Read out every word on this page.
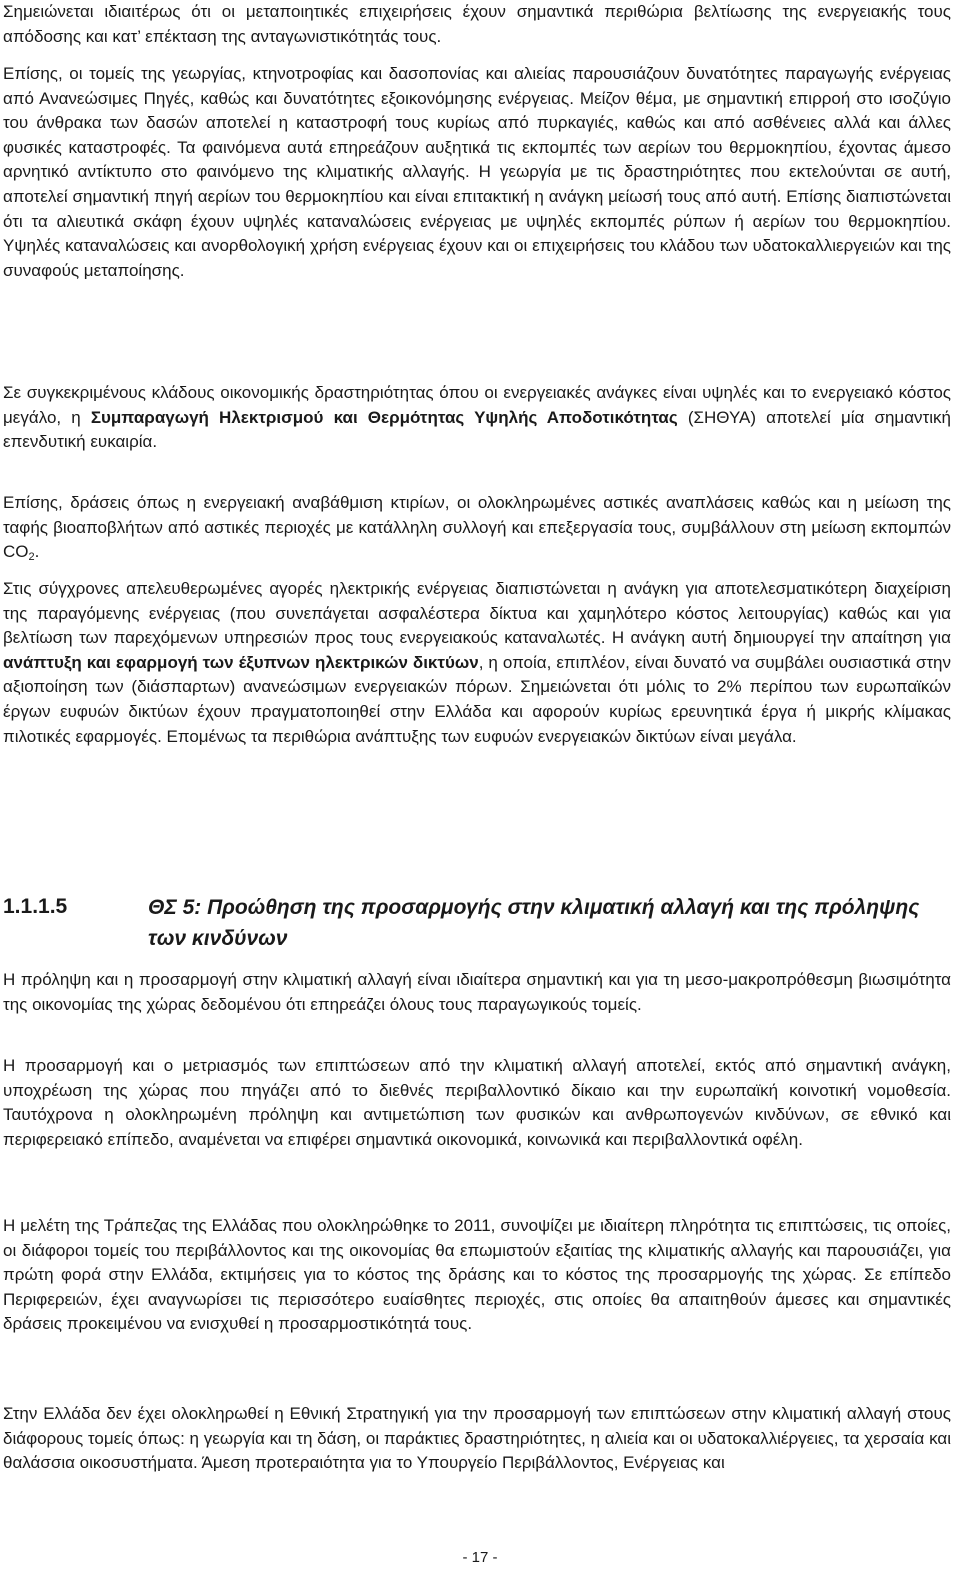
Σημειώνεται ιδιαιτέρως ότι οι μεταποιητικές επιχειρήσεις έχουν σημαντικά περιθώρια βελτίωσης της ενεργειακής τους απόδοσης και κατ’ επέκταση της ανταγωνιστικότητάς τους.

Επίσης, οι τομείς της γεωργίας, κτηνοτροφίας και δασοπονίας και αλιείας παρουσιάζουν δυνατότητες παραγωγής ενέργειας από Ανανεώσιμες Πηγές, καθώς και δυνατότητες εξοικονόμησης ενέργειας. Μείζον θέμα, με σημαντική επιρροή στο ισοζύγιο του άνθρακα των δασών αποτελεί η καταστροφή τους κυρίως από πυρκαγιές, καθώς και από ασθένειες αλλά και άλλες φυσικές καταστροφές. Τα φαινόμενα αυτά επηρεάζουν αυξητικά τις εκπομπές των αερίων του θερμοκηπίου, έχοντας άμεσο αρνητικό αντίκτυπο στο φαινόμενο της κλιματικής αλλαγής. Η γεωργία με τις δραστηριότητες που εκτελούνται σε αυτή, αποτελεί σημαντική πηγή αερίων του θερμοκηπίου και είναι επιτακτική η ανάγκη μείωσή τους από αυτή. Επίσης διαπιστώνεται ότι τα αλιευτικά σκάφη έχουν υψηλές καταναλώσεις ενέργειας με υψηλές εκπομπές ρύπων ή αερίων του θερμοκηπίου. Υψηλές καταναλώσεις και ανορθολογική χρήση ενέργειας έχουν και οι επιχειρήσεις του κλάδου των υδατοκαλλιεργειών και της συναφούς μεταποίησης.

Σε συγκεκριμένους κλάδους οικονομικής δραστηριότητας όπου οι ενεργειακές ανάγκες είναι υψηλές και το ενεργειακό κόστος μεγάλο, η Συμπαραγωγή Ηλεκτρισμού και Θερμότητας Υψηλής Αποδοτικότητας (ΣΗΘΥΑ) αποτελεί μία σημαντική επενδυτική ευκαιρία.

Επίσης, δράσεις όπως η ενεργειακή αναβάθμιση κτιρίων, οι ολοκληρωμένες αστικές αναπλάσεις καθώς και η μείωση της ταφής βιοαποβλήτων από αστικές περιοχές με κατάλληλη συλλογή και επεξεργασία τους, συμβάλλουν στη μείωση εκπομπών $CO_2$.

Στις σύγχρονες απελευθερωμένες αγορές ηλεκτρικής ενέργειας διαπιστώνεται η ανάγκη για αποτελεσματικότερη διαχείριση της παραγόμενης ενέργειας (που συνεπάγεται ασφαλέστερα δίκτυα και χαμηλότερο κόστος λειτουργίας) καθώς και για βελτίωση των παρεχόμενων υπηρεσιών προς τους ενεργειακούς καταναλωτές. Η ανάγκη αυτή δημιουργεί την απαίτηση για ανάπτυξη και εφαρμογή των έξυπνων ηλεκτρικών δικτύων, η οποία, επιπλέον, είναι δυνατό να συμβάλει ουσιαστικά στην αξιοποίηση των (διάσπαρτων) ανανεώσιμων ενεργειακών πόρων. Σημειώνεται ότι μόλις το 2% περίπου των ευρωπαϊκών έργων ευφυών δικτύων έχουν πραγματοποιηθεί στην Ελλάδα και αφορούν κυρίως ερευνητικά έργα ή μικρής κλίμακας πιλοτικές εφαρμογές. Επομένως τα περιθώρια ανάπτυξης των ευφυών ενεργειακών δικτύων είναι μεγάλα.

1.1.1.5	ΘΣ 5: Προώθηση της προσαρμογής στην κλιματική αλλαγή και της πρόληψης των κινδύνων

Η πρόληψη και η προσαρμογή στην κλιματική αλλαγή είναι ιδιαίτερα σημαντική και για τη μεσο-μακροπρόθεσμη βιωσιμότητα της οικονομίας της χώρας δεδομένου ότι επηρεάζει όλους τους παραγωγικούς τομείς.

Η προσαρμογή και ο μετριασμός των επιπτώσεων από την κλιματική αλλαγή αποτελεί, εκτός από σημαντική ανάγκη, υποχρέωση της χώρας που πηγάζει από το διεθνές περιβαλλοντικό δίκαιο και την ευρωπαϊκή κοινοτική νομοθεσία. Ταυτόχρονα η ολοκληρωμένη πρόληψη και αντιμετώπιση των φυσικών και ανθρωπογενών κινδύνων, σε εθνικό και περιφερειακό επίπεδο, αναμένεται να επιφέρει σημαντικά οικονομικά, κοινωνικά και περιβαλλοντικά οφέλη.

Η μελέτη της Τράπεζας της Ελλάδας που ολοκληρώθηκε το 2011, συνοψίζει με ιδιαίτερη πληρότητα τις επιπτώσεις, τις οποίες, οι διάφοροι τομείς του περιβάλλοντος και της οικονομίας θα επωμιστούν εξαιτίας της κλιματικής αλλαγής και παρουσιάζει, για πρώτη φορά στην Ελλάδα, εκτιμήσεις για το κόστος της δράσης και το κόστος της προσαρμογής της χώρας. Σε επίπεδο Περιφερειών, έχει αναγνωρίσει τις περισσότερο ευαίσθητες περιοχές, στις οποίες θα απαιτηθούν άμεσες και σημαντικές δράσεις προκειμένου να ενισχυθεί η προσαρμοστικότητά τους.

Στην Ελλάδα δεν έχει ολοκληρωθεί η Εθνική Στρατηγική για την προσαρμογή των επιπτώσεων στην κλιματική αλλαγή στους διάφορους τομείς όπως: η γεωργία και τη δάση, οι παράκτιες δραστηριότητες, η αλιεία και οι υδατοκαλλιέργειες, τα χερσαία και θαλάσσια οικοσυστήματα. Άμεση προτεραιότητα για το Υπουργείο Περιβάλλοντος, Ενέργειας και

- 17 -
